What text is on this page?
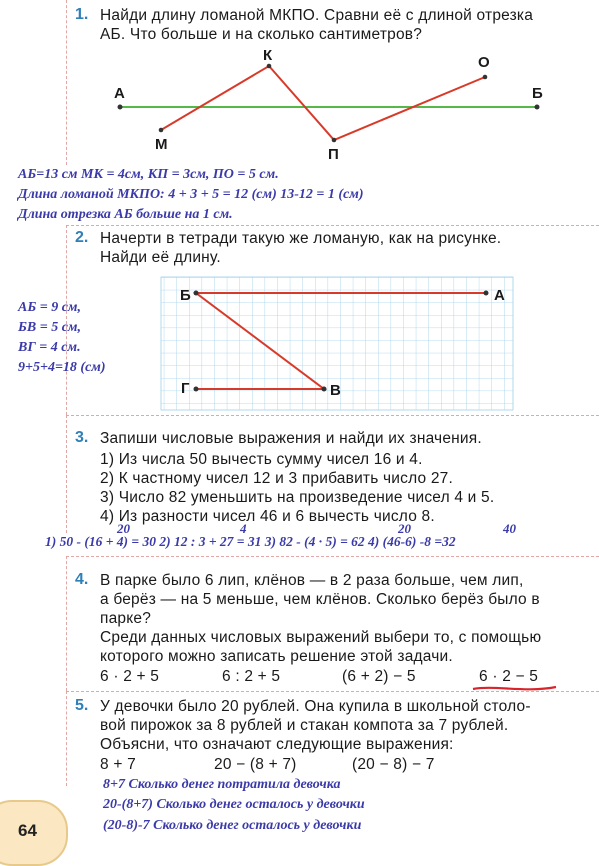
1. Найди длину ломаной МКПО. Сравни её с длиной отрезка
АБ. Что больше и на сколько сантиметров?
А	Б
К	О
М
П
АБ=13 см МК = 4см, КП = 3см, ПО = 5 см.
Длина ломаной МКПО: 4 + 3 + 5 = 12 (см) 13-12 = 1 (см)
Длина отрезка АБ больше на 1 см.
2. Начерти в тетради такую же ломаную, как на рисунке.
Найди её длину.
Б	А
Г	В
АБ = 9 см,
БВ = 5 см,
ВГ = 4 см.
9+5+4=18 (см)
3. Запиши числовые выражения и найди их значения.
1) Из числа 50 вычесть сумму чисел 16 и 4.
2) К частному чисел 12 и 3 прибавить число 27.
3) Число 82 уменьшить на произведение чисел 4 и 5.
4) Из разности чисел 46 и 6 вычесть число 8.
20	4	20	40
1) 50 - (16 + 4) = 30 2) 12 : 3 + 27 = 31 3) 82 - (4 · 5) = 62 4) (46-6) -8 =32
4. В парке было 6 лип, клёнов — в 2 раза больше, чем лип,
а берёз — на 5 меньше, чем клёнов. Сколько берёз было в
парке?
Среди данных числовых выражений выбери то, с помощью
которого можно записать решение этой задачи.
6 · 2 + 5	6 : 2 + 5	(6 + 2) − 5	6 · 2 − 5
5. У девочки было 20 рублей. Она купила в школьной столо-
вой пирожок за 8 рублей и стакан компота за 7 рублей.
Объясни, что означают следующие выражения:
8 + 7	20 − (8 + 7)	(20 − 8) − 7
8+7 Сколько денег потратила девочка
20-(8+7) Сколько денег осталось у девочки
(20-8)-7 Сколько денег осталось у девочки
64
